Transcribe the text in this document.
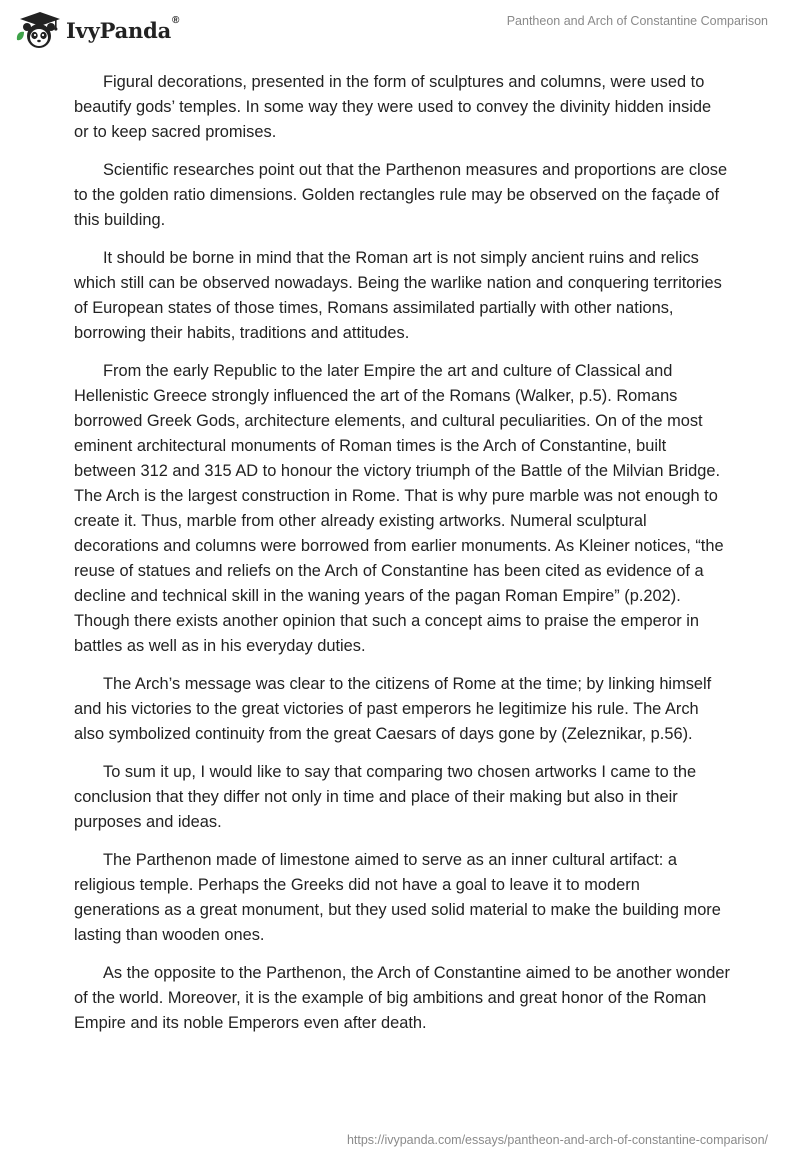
IvyPanda®	Pantheon and Arch of Constantine Comparison

Figural decorations, presented in the form of sculptures and columns, were used to beautify gods’ temples. In some way they were used to convey the divinity hidden inside or to keep sacred promises.

Scientific researches point out that the Parthenon measures and proportions are close to the golden ratio dimensions. Golden rectangles rule may be observed on the façade of this building.

It should be borne in mind that the Roman art is not simply ancient ruins and relics which still can be observed nowadays. Being the warlike nation and conquering territories of European states of those times, Romans assimilated partially with other nations, borrowing their habits, traditions and attitudes.

From the early Republic to the later Empire the art and culture of Classical and Hellenistic Greece strongly influenced the art of the Romans (Walker, p.5). Romans borrowed Greek Gods, architecture elements, and cultural peculiarities. On of the most eminent architectural monuments of Roman times is the Arch of Constantine, built between 312 and 315 AD to honour the victory triumph of the Battle of the Milvian Bridge. The Arch is the largest construction in Rome. That is why pure marble was not enough to create it. Thus, marble from other already existing artworks. Numeral sculptural decorations and columns were borrowed from earlier monuments. As Kleiner notices, “the reuse of statues and reliefs on the Arch of Constantine has been cited as evidence of a decline and technical skill in the waning years of the pagan Roman Empire” (p.202). Though there exists another opinion that such a concept aims to praise the emperor in battles as well as in his everyday duties.

The Arch’s message was clear to the citizens of Rome at the time; by linking himself and his victories to the great victories of past emperors he legitimize his rule. The Arch also symbolized continuity from the great Caesars of days gone by (Zeleznikar, p.56).

To sum it up, I would like to say that comparing two chosen artworks I came to the conclusion that they differ not only in time and place of their making but also in their purposes and ideas.

The Parthenon made of limestone aimed to serve as an inner cultural artifact: a religious temple. Perhaps the Greeks did not have a goal to leave it to modern generations as a great monument, but they used solid material to make the building more lasting than wooden ones.

As the opposite to the Parthenon, the Arch of Constantine aimed to be another wonder of the world. Moreover, it is the example of big ambitions and great honor of the Roman Empire and its noble Emperors even after death.

https://ivypanda.com/essays/pantheon-and-arch-of-constantine-comparison/
